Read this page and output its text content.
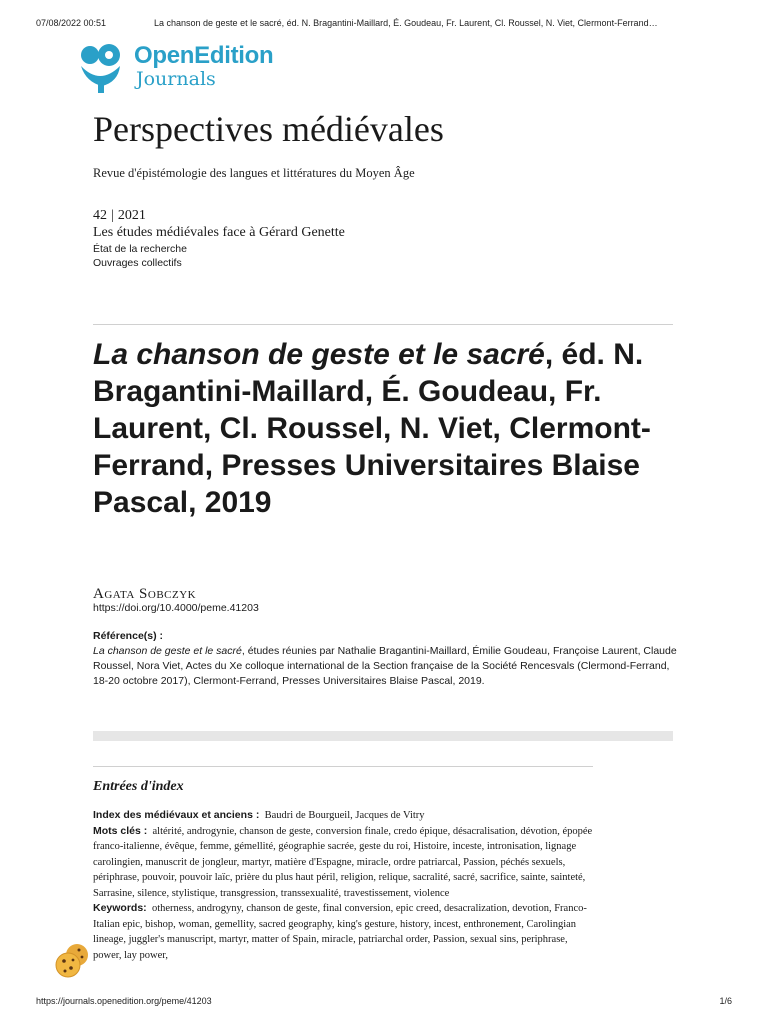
07/08/2022 00:51	La chanson de geste et le sacré, éd. N. Bragantini-Maillard, É. Goudeau, Fr. Laurent, Cl. Roussel, N. Viet, Clermont-Ferrand…
OpenEdition
Journals
Perspectives médiévales
Revue d'épistémologie des langues et littératures du Moyen Âge
42 | 2021
Les études médiévales face à Gérard Genette
État de la recherche
Ouvrages collectifs
La chanson de geste et le sacré, éd. N. Bragantini-Maillard, É. Goudeau, Fr. Laurent, Cl. Roussel, N. Viet, Clermont-Ferrand, Presses Universitaires Blaise Pascal, 2019
Agata Sobczyk
https://doi.org/10.4000/peme.41203
Référence(s) :
La chanson de geste et le sacré, études réunies par Nathalie Bragantini-Maillard, Émilie Goudeau, Françoise Laurent, Claude Roussel, Nora Viet, Actes du Xe colloque international de la Section française de la Société Rencesvals (Clermond-Ferrand, 18-20 octobre 2017), Clermont-Ferrand, Presses Universitaires Blaise Pascal, 2019.
Entrées d'index
Index des médiévaux et anciens : Baudri de Bourgueil, Jacques de Vitry
Mots clés : altérité, androgynie, chanson de geste, conversion finale, credo épique, désacralisation, dévotion, épopée franco-italienne, évêque, femme, gémellité, géographie sacrée, geste du roi, Histoire, inceste, intronisation, lignage carolingien, manuscrit de jongleur, martyr, matière d'Espagne, miracle, ordre patriarcal, Passion, péchés sexuels, périphrase, pouvoir, pouvoir laïc, prière du plus haut péril, religion, relique, sacralité, sacré, sacrifice, sainte, sainteté, Sarrasine, silence, stylistique, transgression, transsexualité, travestissement, violence
Keywords: otherness, androgyny, chanson de geste, final conversion, epic creed, desacralization, devotion, Franco-Italian epic, bishop, woman, gemellity, sacred geography, king's gesture, history, incest, enthronement, Carolingian lineage, juggler's manuscript, martyr, matter of Spain, miracle, patriarchal order, Passion, sexual sins, periphrase, power, lay power,
https://journals.openedition.org/peme/41203	1/6
